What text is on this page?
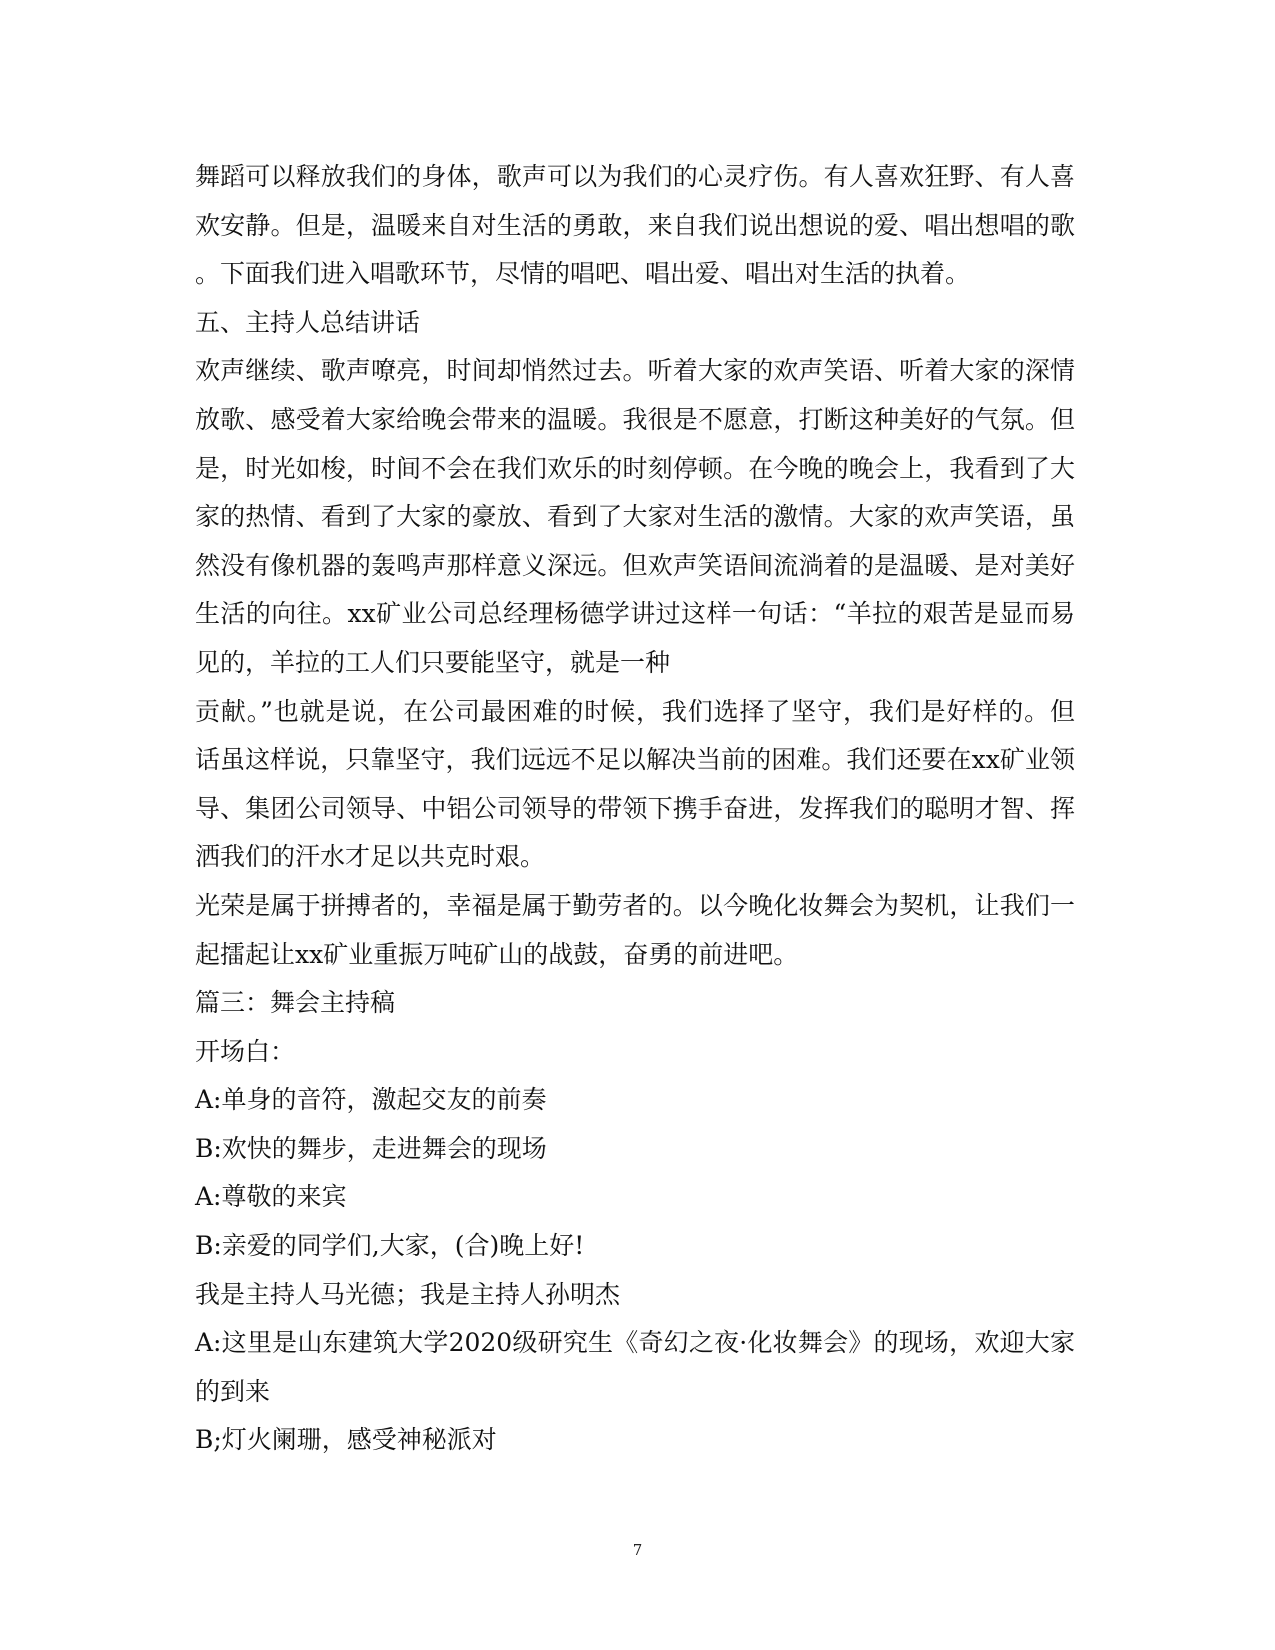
舞蹈可以释放我们的身体，歌声可以为我们的心灵疗伤。有人喜欢狂野、有人喜
欢安静。但是，温暖来自对生活的勇敢，来自我们说出想说的爱、唱出想唱的歌
。下面我们进入唱歌环节，尽情的唱吧、唱出爱、唱出对生活的执着。
五、主持人总结讲话
欢声继续、歌声嘹亮，时间却悄然过去。听着大家的欢声笑语、听着大家的深情
放歌、感受着大家给晚会带来的温暖。我很是不愿意，打断这种美好的气氛。但
是，时光如梭，时间不会在我们欢乐的时刻停顿。在今晚的晚会上，我看到了大
家的热情、看到了大家的豪放、看到了大家对生活的激情。大家的欢声笑语，虽
然没有像机器的轰鸣声那样意义深远。但欢声笑语间流淌着的是温暖、是对美好
生活的向往。xx矿业公司总经理杨德学讲过这样一句话：“羊拉的艰苦是显而易
见的，羊拉的工人们只要能坚守，就是一种
贡献。”也就是说，在公司最困难的时候，我们选择了坚守，我们是好样的。但
话虽这样说，只靠坚守，我们远远不足以解决当前的困难。我们还要在xx矿业领
导、集团公司领导、中铝公司领导的带领下携手奋进，发挥我们的聪明才智、挥
洒我们的汗水才足以共克时艰。
光荣是属于拼搏者的，幸福是属于勤劳者的。以今晚化妆舞会为契机，让我们一
起擂起让xx矿业重振万吨矿山的战鼓，奋勇的前进吧。
篇三：舞会主持稿
开场白：
A:单身的音符，激起交友的前奏
B:欢快的舞步，走进舞会的现场
A:尊敬的来宾
B:亲爱的同学们,大家，(合)晚上好!
我是主持人马光德；我是主持人孙明杰
A:这里是山东建筑大学2020级研究生《奇幻之夜·化妆舞会》的现场，欢迎大家
的到来
B;灯火阑珊，感受神秘派对
7
